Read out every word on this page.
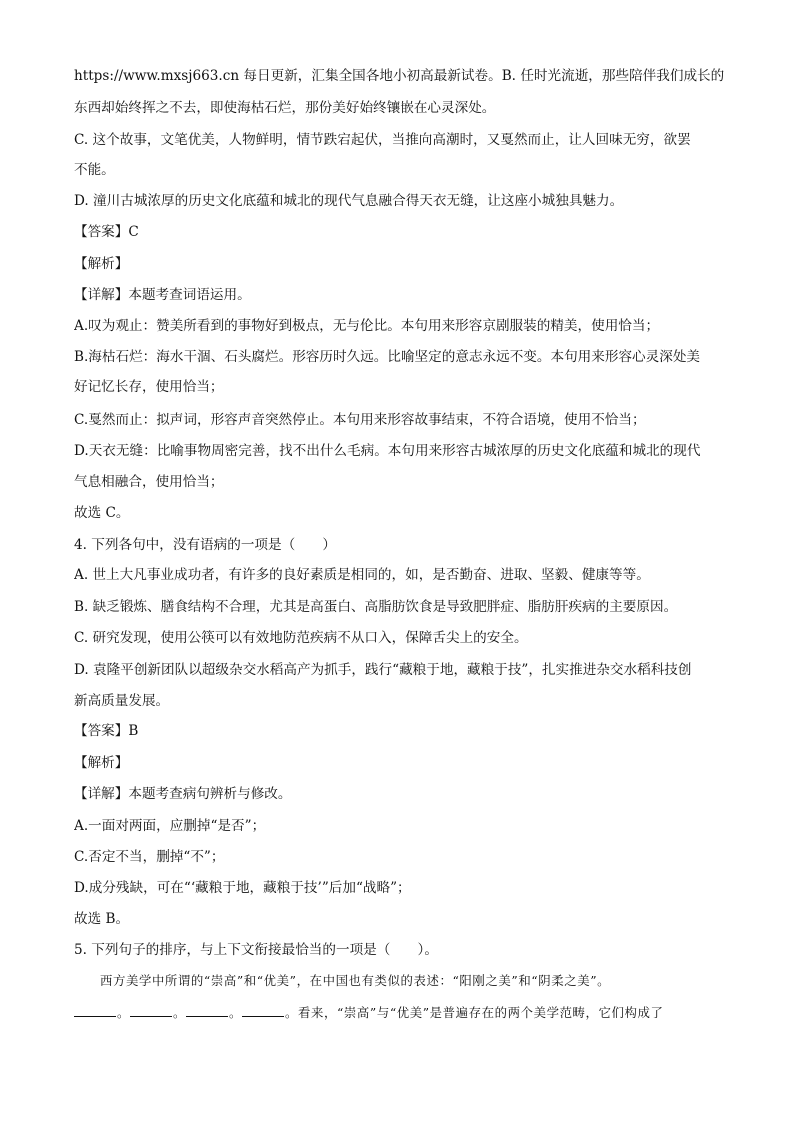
https://www.mxsj663.cn 每日更新，汇集全国各地小初高最新试卷。B. 任时光流逝，那些陪伴我们成长的
东西却始终挥之不去，即使海枯石烂，那份美好始终镶嵌在心灵深处。
C. 这个故事，文笔优美，人物鲜明，情节跌宕起伏，当推向高潮时，又戛然而止，让人回味无穷，欲罢
不能。
D. 潼川古城浓厚的历史文化底蕴和城北的现代气息融合得天衣无缝，让这座小城独具魅力。
【答案】C
【解析】
【详解】本题考查词语运用。
A.叹为观止：赞美所看到的事物好到极点，无与伦比。本句用来形容京剧服装的精美，使用恰当；
B.海枯石烂：海水干涸、石头腐烂。形容历时久远。比喻坚定的意志永远不变。本句用来形容心灵深处美
好记忆长存，使用恰当；
C.戛然而止：拟声词，形容声音突然停止。本句用来形容故事结束，不符合语境，使用不恰当；
D.天衣无缝：比喻事物周密完善，找不出什么毛病。本句用来形容古城浓厚的历史文化底蕴和城北的现代
气息相融合，使用恰当；
故选 C。
4. 下列各句中，没有语病的一项是（　　）
A. 世上大凡事业成功者，有许多的良好素质是相同的，如，是否勤奋、进取、坚毅、健康等等。
B. 缺乏锻炼、膳食结构不合理，尤其是高蛋白、高脂肪饮食是导致肥胖症、脂肪肝疾病的主要原因。
C. 研究发现，使用公筷可以有效地防范疾病不从口入，保障舌尖上的安全。
D. 袁隆平创新团队以超级杂交水稻高产为抓手，践行“藏粮于地，藏粮于技”，扎实推进杂交水稻科技创
新高质量发展。
【答案】B
【解析】
【详解】本题考查病句辨析与修改。
A.一面对两面，应删掉“是否”；
C.否定不当，删掉“不”；
D.成分残缺，可在“‘藏粮于地，藏粮于技’”后加“战略”；
故选 B。
5. 下列句子的排序，与上下文衔接最恰当的一项是（　　）。
　　西方美学中所谓的“崇高”和“优美”，在中国也有类似的表述：“阳刚之美”和“阴柔之美”。
。	。	。	。看来，“崇高”与“优美”是普遍存在的两个美学范畴，它们构成了
